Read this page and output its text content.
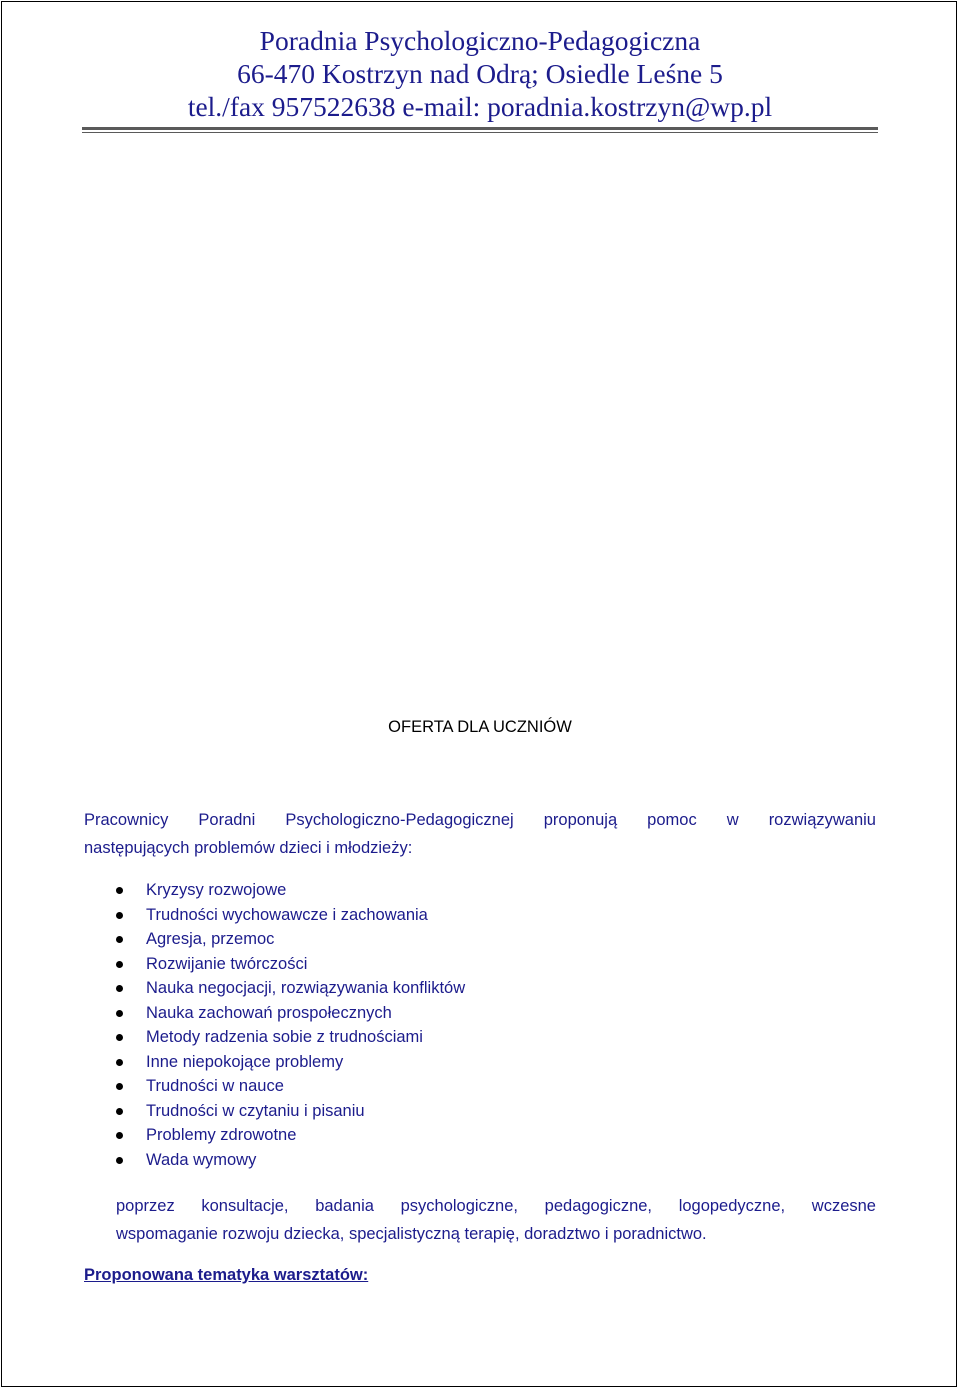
Poradnia Psychologiczno-Pedagogiczna
66-470 Kostrzyn nad Odrą; Osiedle Leśne 5
tel./fax 957522638 e-mail: poradnia.kostrzyn@wp.pl
OFERTA DLA UCZNIÓW
Pracownicy Poradni Psychologiczno-Pedagogicznej proponują pomoc w rozwiązywaniu
następujących problemów dzieci i młodzieży:
Kryzysy rozwojowe
Trudności wychowawcze i zachowania
Agresja, przemoc
Rozwijanie twórczości
Nauka negocjacji, rozwiązywania konfliktów
Nauka zachowań prospołecznych
Metody radzenia sobie z trudnościami
Inne niepokojące problemy
Trudności w nauce
Trudności w czytaniu i pisaniu
Problemy zdrowotne
Wada wymowy
poprzez konsultacje, badania psychologiczne, pedagogiczne, logopedyczne, wczesne
wspomaganie rozwoju dziecka, specjalistyczną terapię, doradztwo i poradnictwo.
Proponowana tematyka warsztatów:
